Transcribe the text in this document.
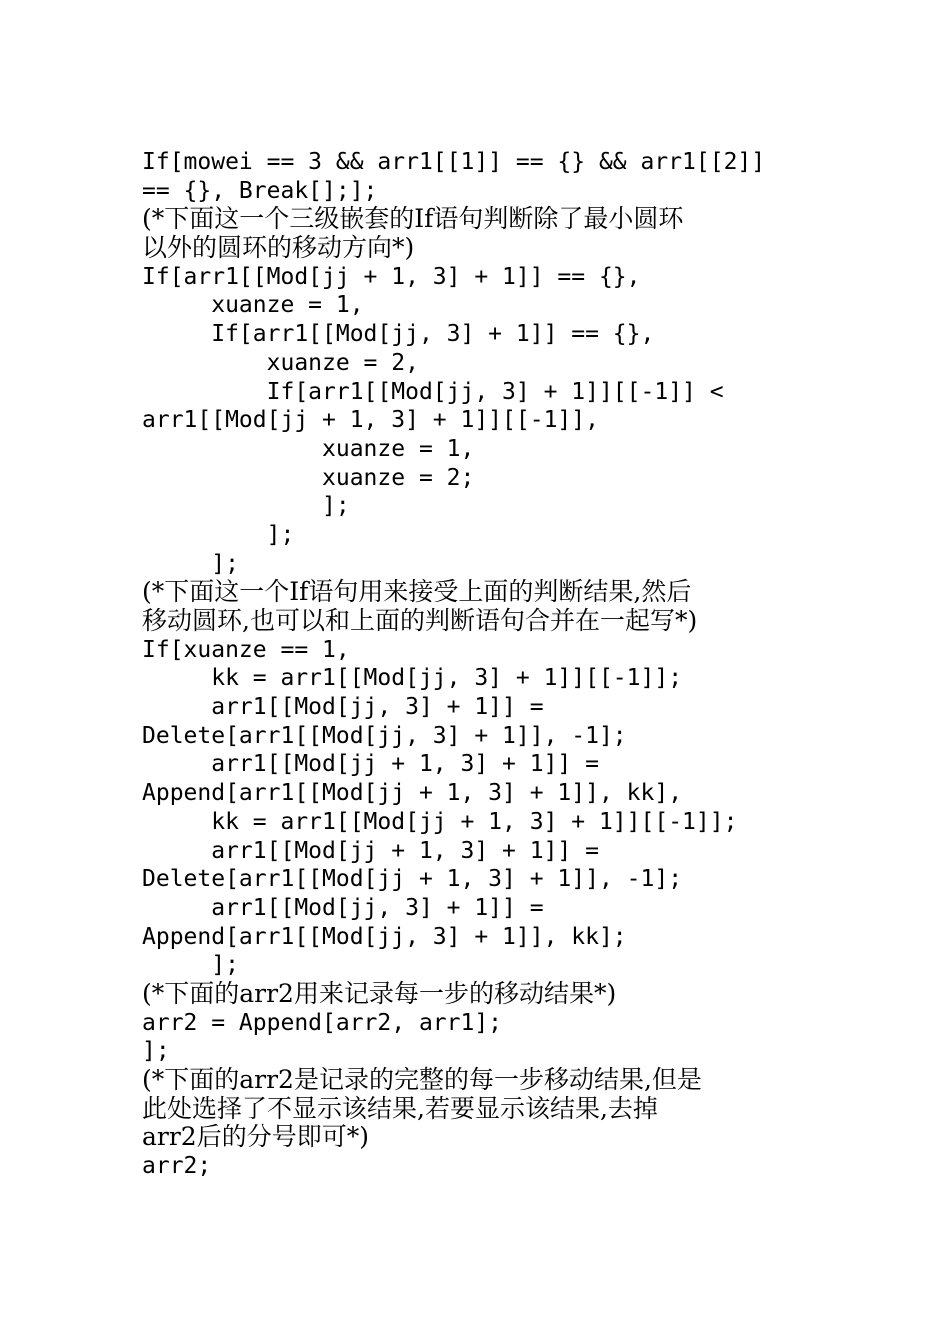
If[mowei == 3 && arr1[[1]] == {} && arr1[[2]]
== {}, Break[];];
(*下面这一个三级嵌套的If语句判断除了最小圆环
以外的圆环的移动方向*)
If[arr1[[Mod[jj + 1, 3] + 1]] == {},
xuanze = 1,
If[arr1[[Mod[jj, 3] + 1]] == {},
xuanze = 2,
If[arr1[[Mod[jj, 3] + 1]][[-1]] <
arr1[[Mod[jj + 1, 3] + 1]][[-1]],
xuanze = 1,
xuanze = 2;
];
];
];
(*下面这一个If语句用来接受上面的判断结果,然后
移动圆环,也可以和上面的判断语句合并在一起写*)
If[xuanze == 1,
kk = arr1[[Mod[jj, 3] + 1]][[-1]];
arr1[[Mod[jj, 3] + 1]] =
Delete[arr1[[Mod[jj, 3] + 1]], -1];
arr1[[Mod[jj + 1, 3] + 1]] =
Append[arr1[[Mod[jj + 1, 3] + 1]], kk],
kk = arr1[[Mod[jj + 1, 3] + 1]][[-1]];
arr1[[Mod[jj + 1, 3] + 1]] =
Delete[arr1[[Mod[jj + 1, 3] + 1]], -1];
arr1[[Mod[jj, 3] + 1]] =
Append[arr1[[Mod[jj, 3] + 1]], kk];
];
(*下面的arr2用来记录每一步的移动结果*)
arr2 = Append[arr2, arr1];
];
(*下面的arr2是记录的完整的每一步移动结果,但是
此处选择了不显示该结果,若要显示该结果,去掉
arr2后的分号即可*)
arr2;
